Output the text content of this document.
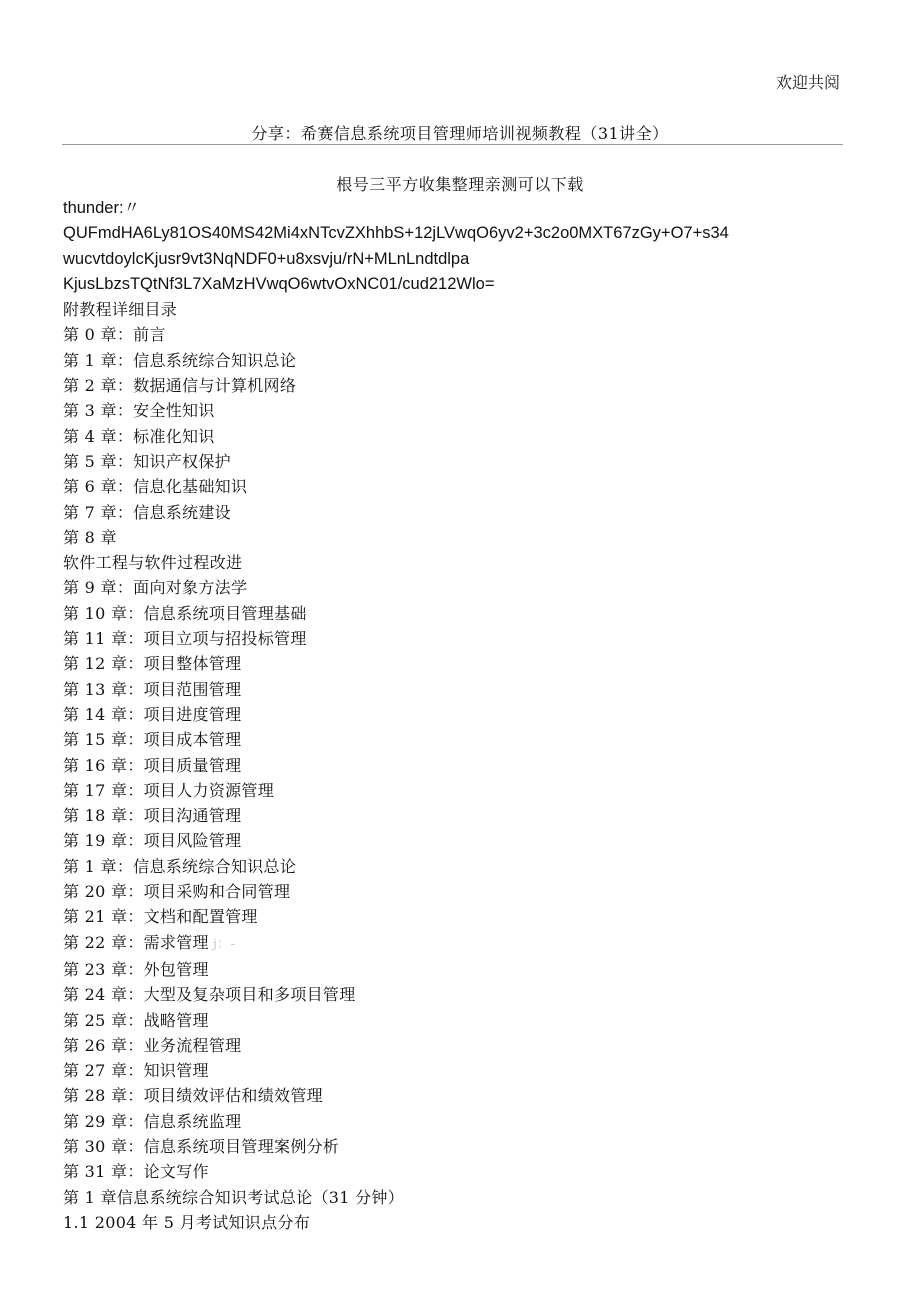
欢迎共阅
分享：希赛信息系统项目管理师培训视频教程（31讲全）
根号三平方收集整理亲测可以下载
thunder:〃
QUFmdHA6Ly81OS40MS42Mi4xNTcvZXhhbS+12jLVwqO6yv2+3c2o0MXT67zGy+O7+s34
wucvtdoylcKjusr9vt3NqNDF0+u8xsvju/rN+MLnLndtdlpa
KjusLbzsTQtNf3L7XaMzHVwqO6wtvOxNC01/cud212Wlo=
附教程详细目录
第 0 章：前言
第 1 章：信息系统综合知识总论
第 2 章：数据通信与计算机网络
第 3 章：安全性知识
第 4 章：标准化知识
第 5 章：知识产权保护
第 6 章：信息化基础知识
第 7 章：信息系统建设
第 8 章
软件工程与软件过程改进
第 9 章：面向对象方法学
第 10 章：信息系统项目管理基础
第 11 章：项目立项与招投标管理
第 12 章：项目整体管理
第 13 章：项目范围管理
第 14 章：项目进度管理
第 15 章：项目成本管理
第 16 章：项目质量管理
第 17 章：项目人力资源管理
第 18 章：项目沟通管理
第 19 章：项目风险管理
第 1 章：信息系统综合知识总论
第 20 章：项目采购和合同管理
第 21 章：文档和配置管理
第 22 章：需求管理 j：-
第 23 章：外包管理
第 24 章：大型及复杂项目和多项目管理
第 25 章：战略管理
第 26 章：业务流程管理
第 27 章：知识管理
第 28 章：项目绩效评估和绩效管理
第 29 章：信息系统监理
第 30 章：信息系统项目管理案例分析
第 31 章：论文写作
第 1 章信息系统综合知识考试总论（31 分钟）
1.1 2004 年 5 月考试知识点分布
